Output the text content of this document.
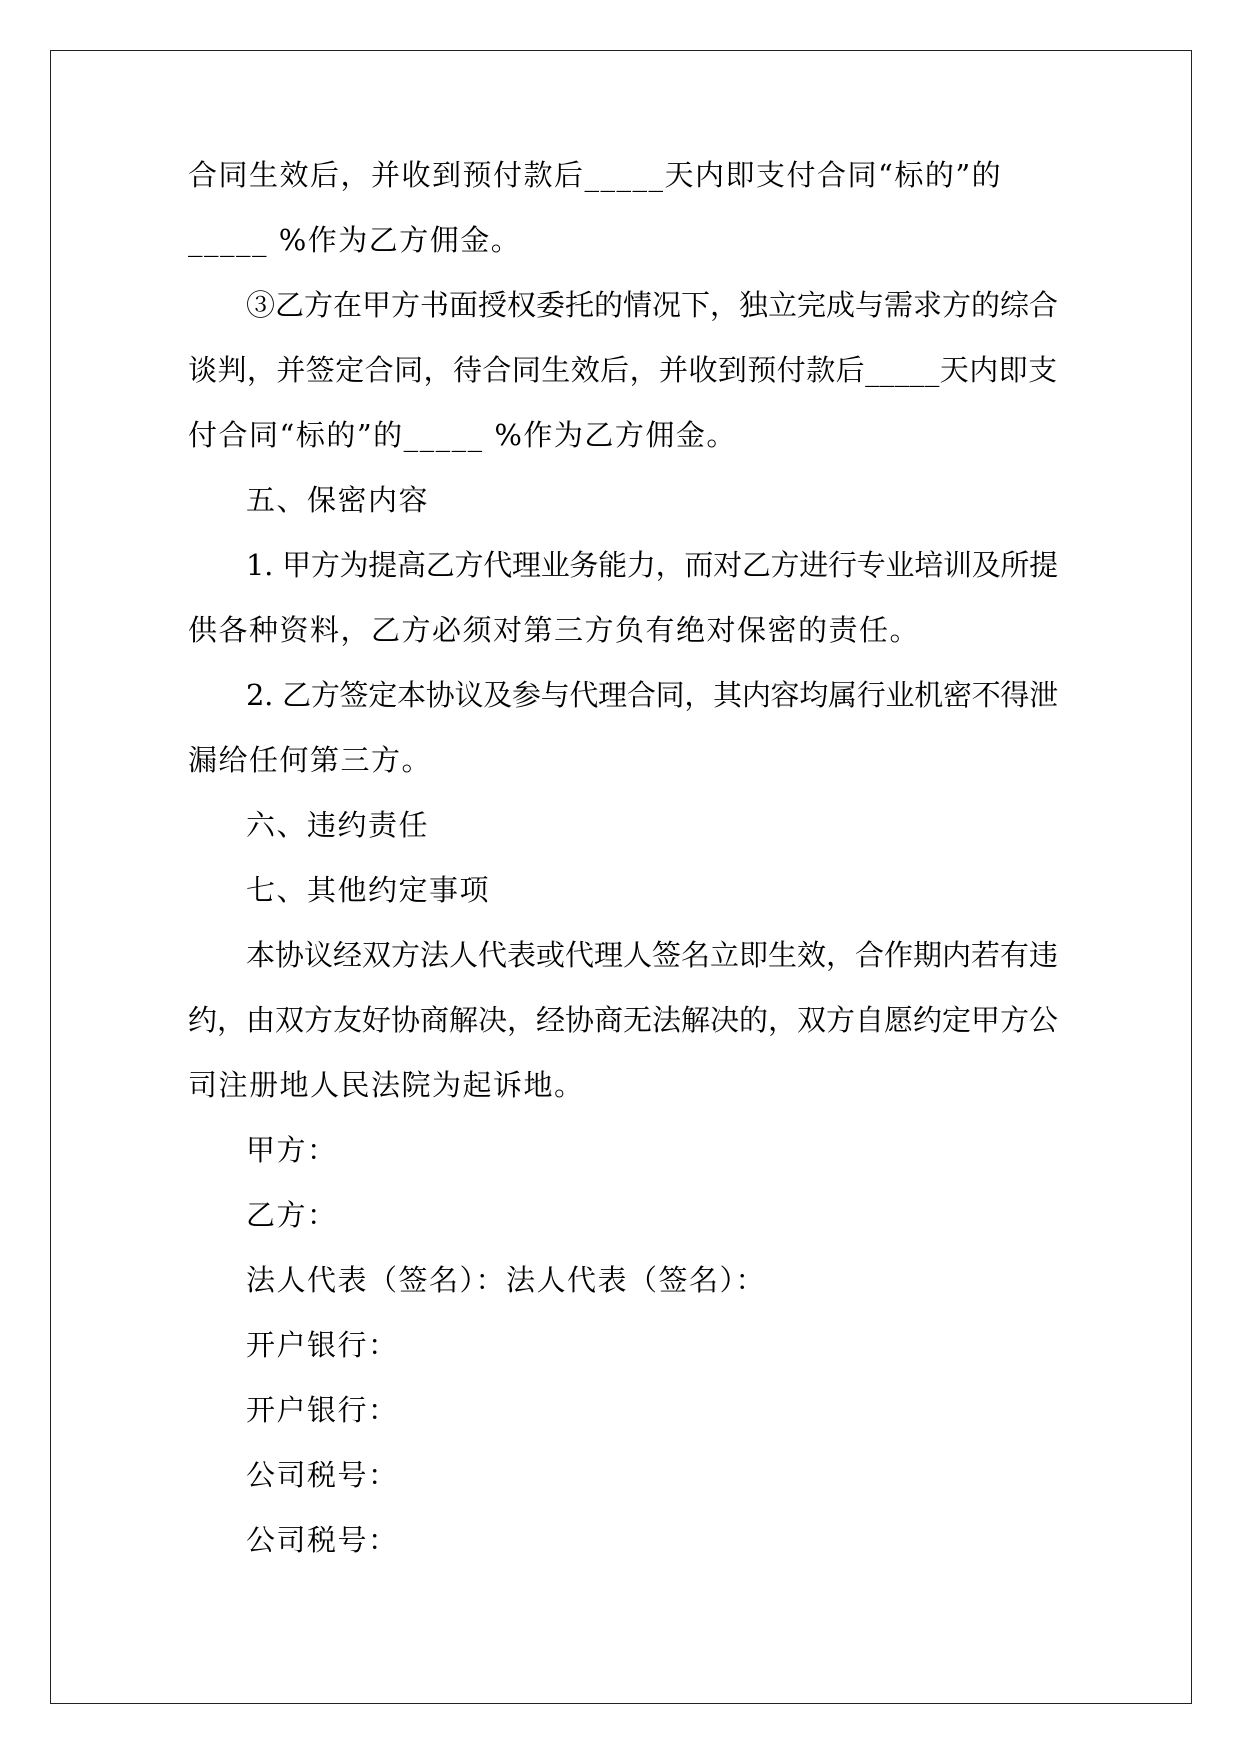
合同生效后，并收到预付款后_____天内即支付合同“标的”的
_____ %作为乙方佣金。
③乙方在甲方书面授权委托的情况下，独立完成与需求方的综合
谈判，并签定合同，待合同生效后，并收到预付款后_____天内即支
付合同“标的”的_____ %作为乙方佣金。
五、保密内容
1. 甲方为提高乙方代理业务能力，而对乙方进行专业培训及所提
供各种资料，乙方必须对第三方负有绝对保密的责任。
2. 乙方签定本协议及参与代理合同，其内容均属行业机密不得泄
漏给任何第三方。
六、违约责任
七、其他约定事项
本协议经双方法人代表或代理人签名立即生效，合作期内若有违
约，由双方友好协商解决，经协商无法解决的，双方自愿约定甲方公
司注册地人民法院为起诉地。
甲方：
乙方：
法人代表（签名）：法人代表（签名）：
开户银行：
开户银行：
公司税号：
公司税号：
